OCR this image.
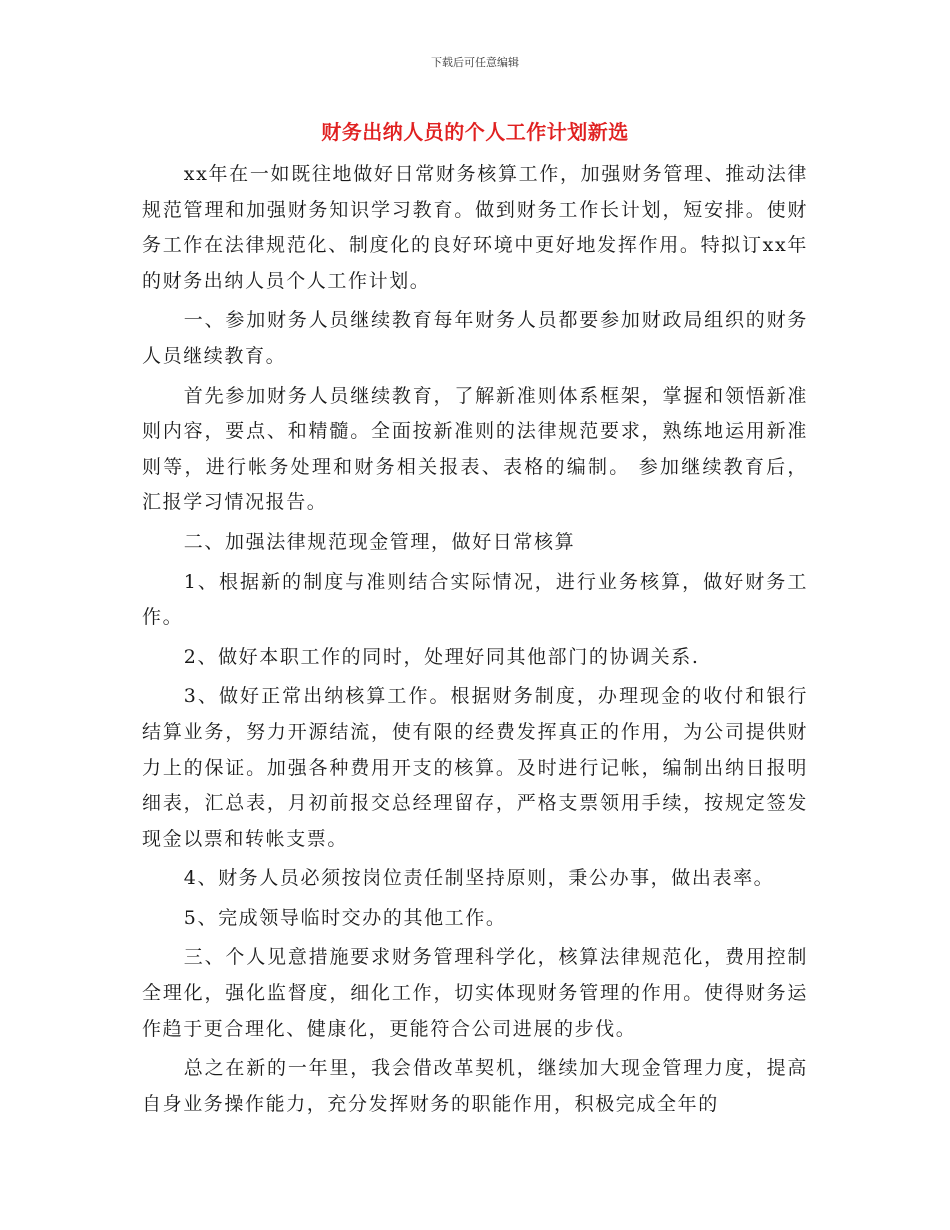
下载后可任意编辑
财务出纳人员的个人工作计划新选

xx年在一如既往地做好日常财务核算工作，加强财务管理、推动法律规范管理和加强财务知识学习教育。做到财务工作长计划，短安排。使财务工作在法律规范化、制度化的良好环境中更好地发挥作用。特拟订xx年的财务出纳人员个人工作计划。

一、参加财务人员继续教育每年财务人员都要参加财政局组织的财务人员继续教育。

首先参加财务人员继续教育，了解新准则体系框架，掌握和领悟新准则内容，要点、和精髓。全面按新准则的法律规范要求，熟练地运用新准则等，进行帐务处理和财务相关报表、表格的编制。 参加继续教育后，汇报学习情况报告。

二、加强法律规范现金管理，做好日常核算

1、根据新的制度与准则结合实际情况，进行业务核算，做好财务工作。

2、做好本职工作的同时，处理好同其他部门的协调关系.

3、做好正常出纳核算工作。根据财务制度，办理现金的收付和银行结算业务，努力开源结流，使有限的经费发挥真正的作用，为公司提供财力上的保证。加强各种费用开支的核算。及时进行记帐，编制出纳日报明细表，汇总表，月初前报交总经理留存，严格支票领用手续，按规定签发现金以票和转帐支票。

4、财务人员必须按岗位责任制坚持原则，秉公办事，做出表率。

5、完成领导临时交办的其他工作。

三、个人见意措施要求财务管理科学化，核算法律规范化，费用控制全理化，强化监督度，细化工作，切实体现财务管理的作用。使得财务运作趋于更合理化、健康化，更能符合公司进展的步伐。

总之在新的一年里，我会借改革契机，继续加大现金管理力度，提高自身业务操作能力，充分发挥财务的职能作用，积极完成全年的
